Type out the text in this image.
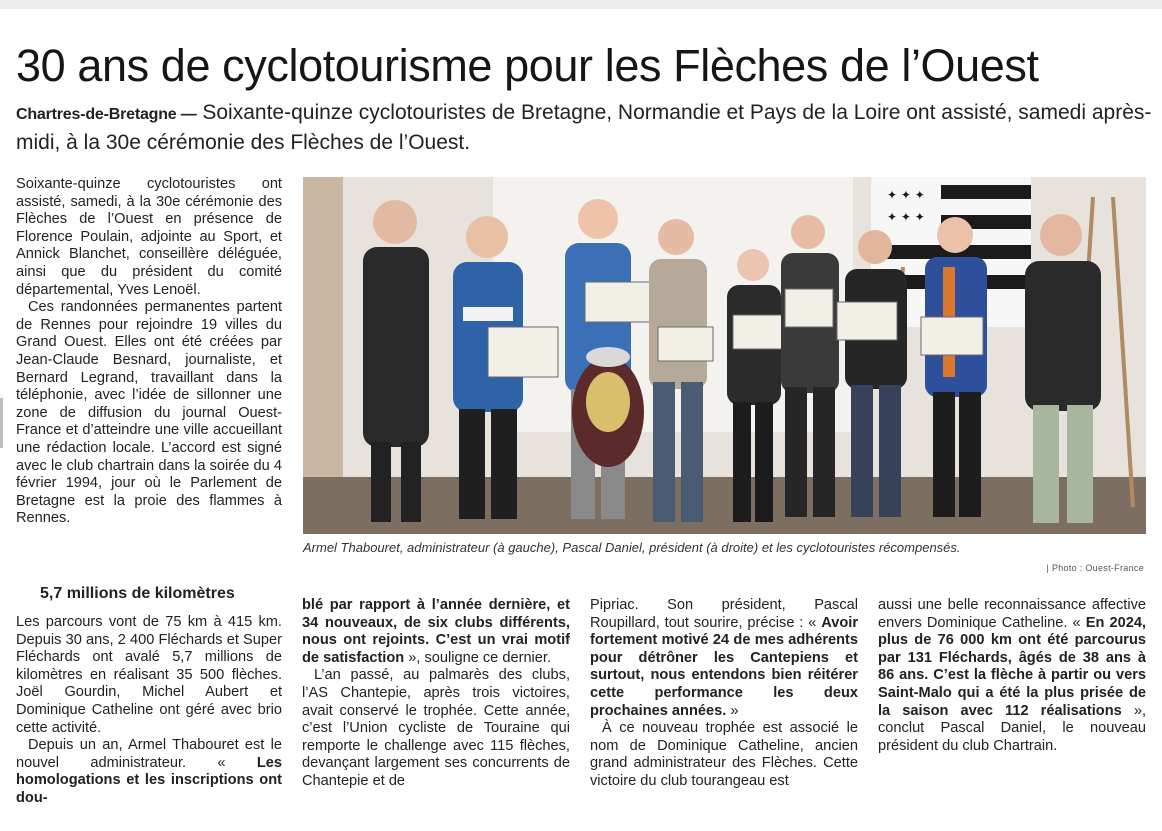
30 ans de cyclotourisme pour les Flèches de l’Ouest

Chartres-de-Bretagne — Soixante-quinze cyclotouristes de Bretagne, Normandie et Pays de la Loire ont assisté, samedi après-midi, à la 30e cérémonie des Flèches de l’Ouest.

Soixante-quinze cyclotouristes ont assisté, samedi, à la 30e cérémonie des Flèches de l’Ouest en présence de Florence Poulain, adjointe au Sport, et Annick Blanchet, conseillère déléguée, ainsi que du président du comité départemental, Yves Lenoël.

Ces randonnées permanentes partent de Rennes pour rejoindre 19 villes du Grand Ouest. Elles ont été créées par Jean-Claude Besnard, journaliste, et Bernard Legrand, travaillant dans la téléphonie, avec l’idée de sillonner une zone de diffusion du journal Ouest-France et d’atteindre une ville accueillant une rédaction locale. L’accord est signé avec le club chartrain dans la soirée du 4 février 1994, jour où le Parlement de Bretagne est la proie des flammes à Rennes.

5,7 millions de kilomètres

Les parcours vont de 75 km à 415 km. Depuis 30 ans, 2 400 Fléchards et Super Fléchards ont avalé 5,7 millions de kilomètres en réalisant 35 500 flèches. Joël Gourdin, Michel Aubert et Dominique Catheline ont géré avec brio cette activité.

Depuis un an, Armel Thabouret est le nouvel administrateur. « Les homologations et les inscriptions ont dou-

blé par rapport à l’année dernière, et 34 nouveaux, de six clubs différents, nous ont rejoints. C’est un vrai motif de satisfaction », souligne ce dernier.

L’an passé, au palmarès des clubs, l’AS Chantepie, après trois victoires, avait conservé le trophée. Cette année, c’est l’Union cycliste de Touraine qui remporte le challenge avec 115 flèches, devançant largement ses concurrents de Chantepie et de

Pipriac. Son président, Pascal Roupillard, tout sourire, précise : « Avoir fortement motivé 24 de mes adhérents pour détrôner les Cantepiens et surtout, nous entendons bien réitérer cette performance les deux prochaines années. »

À ce nouveau trophée est associé le nom de Dominique Catheline, ancien grand administrateur des Flèches. Cette victoire du club tourangeau est

aussi une belle reconnaissance affective envers Dominique Catheline. « En 2024, plus de 76 000 km ont été parcourus par 131 Fléchards, âgés de 38 ans à 86 ans. C’est la flèche à partir ou vers Saint-Malo qui a été la plus prisée de la saison avec 112 réalisations », conclut Pascal Daniel, le nouveau président du club Chartrain.

✦ ✦ ✦
✦ ✦ ✦

Armel Thabouret, administrateur (à gauche), Pascal Daniel, président (à droite) et les cyclotouristes récompensés.

| Photo : Ouest-France
